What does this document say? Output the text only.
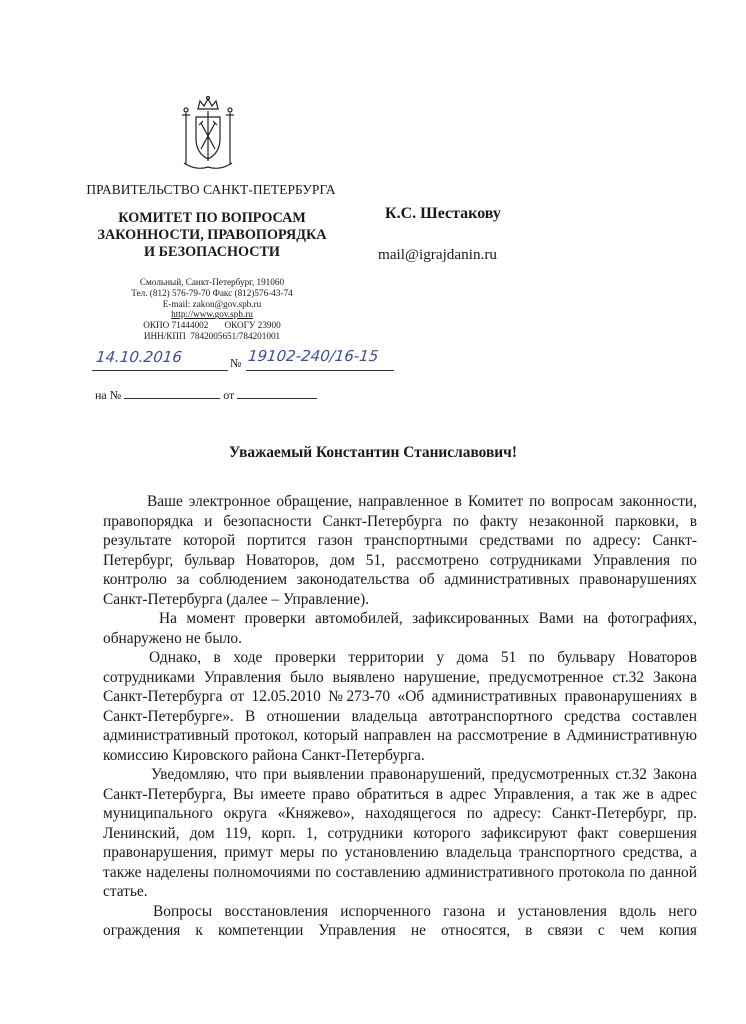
ПРАВИТЕЛЬСТВО САНКТ-ПЕТЕРБУРГА
КОМИТЕТ ПО ВОПРОСАМ
ЗАКОННОСТИ, ПРАВОПОРЯДКА
И БЕЗОПАСНОСТИ
Смольный, Санкт-Петербург, 191060
Тел. (812) 576-79-70 Факс (812)576-43-74
E-mail: zakon@gov.spb.ru
http://www.gov.spb.ru
ОКПО 71444002       ОКОГУ 23900
ИНН/КПП  7842005651/784201001
К.С. Шестакову
mail@igrajdanin.ru
14.10.2016	№ 19102-240/16-15
на №	от
Уважаемый Константин Станиславович!

Ваше электронное обращение, направленное в Комитет по вопросам законности, правопорядка и безопасности Санкт-Петербурга по факту незаконной парковки, в результате которой портится газон транспортными средствами по адресу: Санкт-Петербург, бульвар Новаторов, дом 51, рассмотрено сотрудниками Управления по контролю за соблюдением законодательства об административных правонарушениях Санкт-Петербурга (далее – Управление).

На момент проверки автомобилей, зафиксированных Вами на фотографиях, обнаружено не было.

Однако, в ходе проверки территории у дома 51 по бульвару Новаторов сотрудниками Управления было выявлено нарушение, предусмотренное ст.32 Закона Санкт-Петербурга от 12.05.2010 №273-70 «Об административных правонарушениях в Санкт-Петербурге». В отношении владельца автотранспортного средства составлен административный протокол, который направлен на рассмотрение в Административную комиссию Кировского района Санкт-Петербурга.

Уведомляю, что при выявлении правонарушений, предусмотренных ст.32 Закона Санкт-Петербурга, Вы имеете право обратиться в адрес Управления, а так же в адрес муниципального округа «Княжево», находящегося по адресу: Санкт-Петербург, пр. Ленинский, дом 119, корп. 1, сотрудники которого зафиксируют факт совершения правонарушения, примут меры по установлению владельца транспортного средства, а также наделены полномочиями по составлению административного протокола по данной статье.

Вопросы восстановления испорченного газона и установления вдоль него ограждения к компетенции Управления не относятся, в связи с чем копия
